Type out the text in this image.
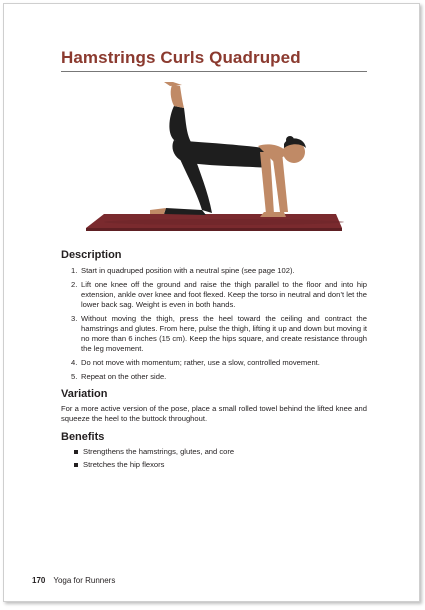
Hamstrings Curls Quadruped
Description
1. Start in quadruped position with a neutral spine (see page 102).
2. Lift one knee off the ground and raise the thigh parallel to the floor and into hip extension, ankle over knee and foot flexed. Keep the torso in neutral and don’t let the lower back sag. Weight is even in both hands.
3. Without moving the thigh, press the heel toward the ceiling and contract the hamstrings and glutes. From here, pulse the thigh, lifting it up and down but moving it no more than 6 inches (15 cm). Keep the hips square, and create resistance through the leg movement.
4. Do not move with momentum; rather, use a slow, controlled movement.
5. Repeat on the other side.
Variation
For a more active version of the pose, place a small rolled towel behind the lifted knee and squeeze the heel to the buttock throughout.
Benefits
Strengthens the hamstrings, glutes, and core
Stretches the hip flexors
170 Yoga for Runners
